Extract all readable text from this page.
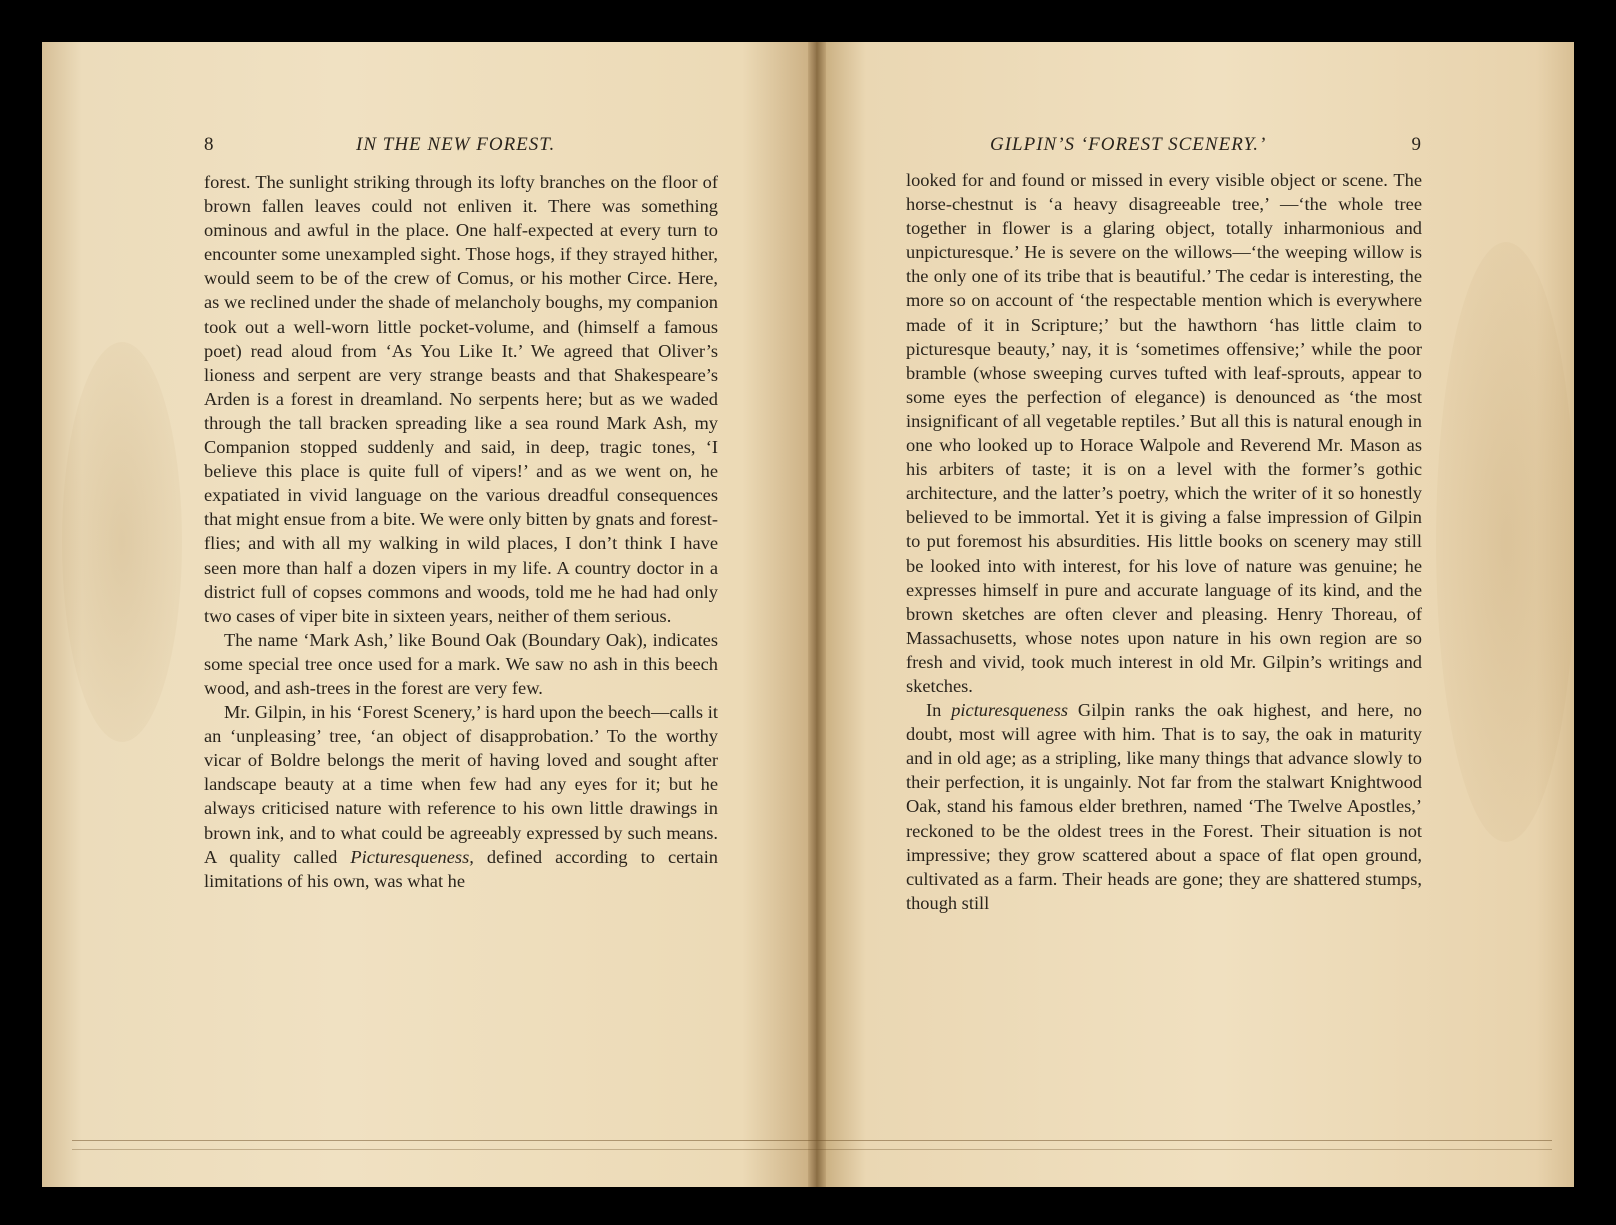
8	IN THE NEW FOREST.

forest. The sunlight striking through its lofty branches on the floor of brown fallen leaves could not enliven it. There was something ominous and awful in the place. One half-expected at every turn to encounter some unexampled sight. Those hogs, if they strayed hither, would seem to be of the crew of Comus, or his mother Circe. Here, as we reclined under the shade of melancholy boughs, my companion took out a well-worn little pocket-volume, and (himself a famous poet) read aloud from ‘As You Like It.’ We agreed that Oliver’s lioness and serpent are very strange beasts and that Shakespeare’s Arden is a forest in dreamland. No serpents here; but as we waded through the tall bracken spreading like a sea round Mark Ash, my Companion stopped suddenly and said, in deep, tragic tones, ‘I believe this place is quite full of vipers!’ and as we went on, he expatiated in vivid language on the various dreadful consequences that might ensue from a bite. We were only bitten by gnats and forest-flies; and with all my walking in wild places, I don’t think I have seen more than half a dozen vipers in my life. A country doctor in a district full of copses commons and woods, told me he had had only two cases of viper bite in sixteen years, neither of them serious.

The name ‘Mark Ash,’ like Bound Oak (Boundary Oak), indicates some special tree once used for a mark. We saw no ash in this beech wood, and ash-trees in the forest are very few.

Mr. Gilpin, in his ‘Forest Scenery,’ is hard upon the beech—calls it an ‘unpleasing’ tree, ‘an object of disapprobation.’ To the worthy vicar of Boldre belongs the merit of having loved and sought after landscape beauty at a time when few had any eyes for it; but he always criticised nature with reference to his own little drawings in brown ink, and to what could be agreeably expressed by such means. A quality called Picturesqueness, defined according to certain limitations of his own, was what he

GILPIN’S ‘FOREST SCENERY.’	9

looked for and found or missed in every visible object or scene. The horse-chestnut is ‘a heavy disagreeable tree,’ —‘the whole tree together in flower is a glaring object, totally inharmonious and unpicturesque.’ He is severe on the willows—‘the weeping willow is the only one of its tribe that is beautiful.’ The cedar is interesting, the more so on account of ‘the respectable mention which is everywhere made of it in Scripture;’ but the hawthorn ‘has little claim to picturesque beauty,’ nay, it is ‘sometimes offensive;’ while the poor bramble (whose sweeping curves tufted with leaf-sprouts, appear to some eyes the perfection of elegance) is denounced as ‘the most insignificant of all vegetable reptiles.’ But all this is natural enough in one who looked up to Horace Walpole and Reverend Mr. Mason as his arbiters of taste; it is on a level with the former’s gothic architecture, and the latter’s poetry, which the writer of it so honestly believed to be immortal. Yet it is giving a false impression of Gilpin to put foremost his absurdities. His little books on scenery may still be looked into with interest, for his love of nature was genuine; he expresses himself in pure and accurate language of its kind, and the brown sketches are often clever and pleasing. Henry Thoreau, of Massachusetts, whose notes upon nature in his own region are so fresh and vivid, took much interest in old Mr. Gilpin’s writings and sketches.

In picturesqueness Gilpin ranks the oak highest, and here, no doubt, most will agree with him. That is to say, the oak in maturity and in old age; as a stripling, like many things that advance slowly to their perfection, it is ungainly. Not far from the stalwart Knightwood Oak, stand his famous elder brethren, named ‘The Twelve Apostles,’ reckoned to be the oldest trees in the Forest. Their situation is not impressive; they grow scattered about a space of flat open ground, cultivated as a farm. Their heads are gone; they are shattered stumps, though still
